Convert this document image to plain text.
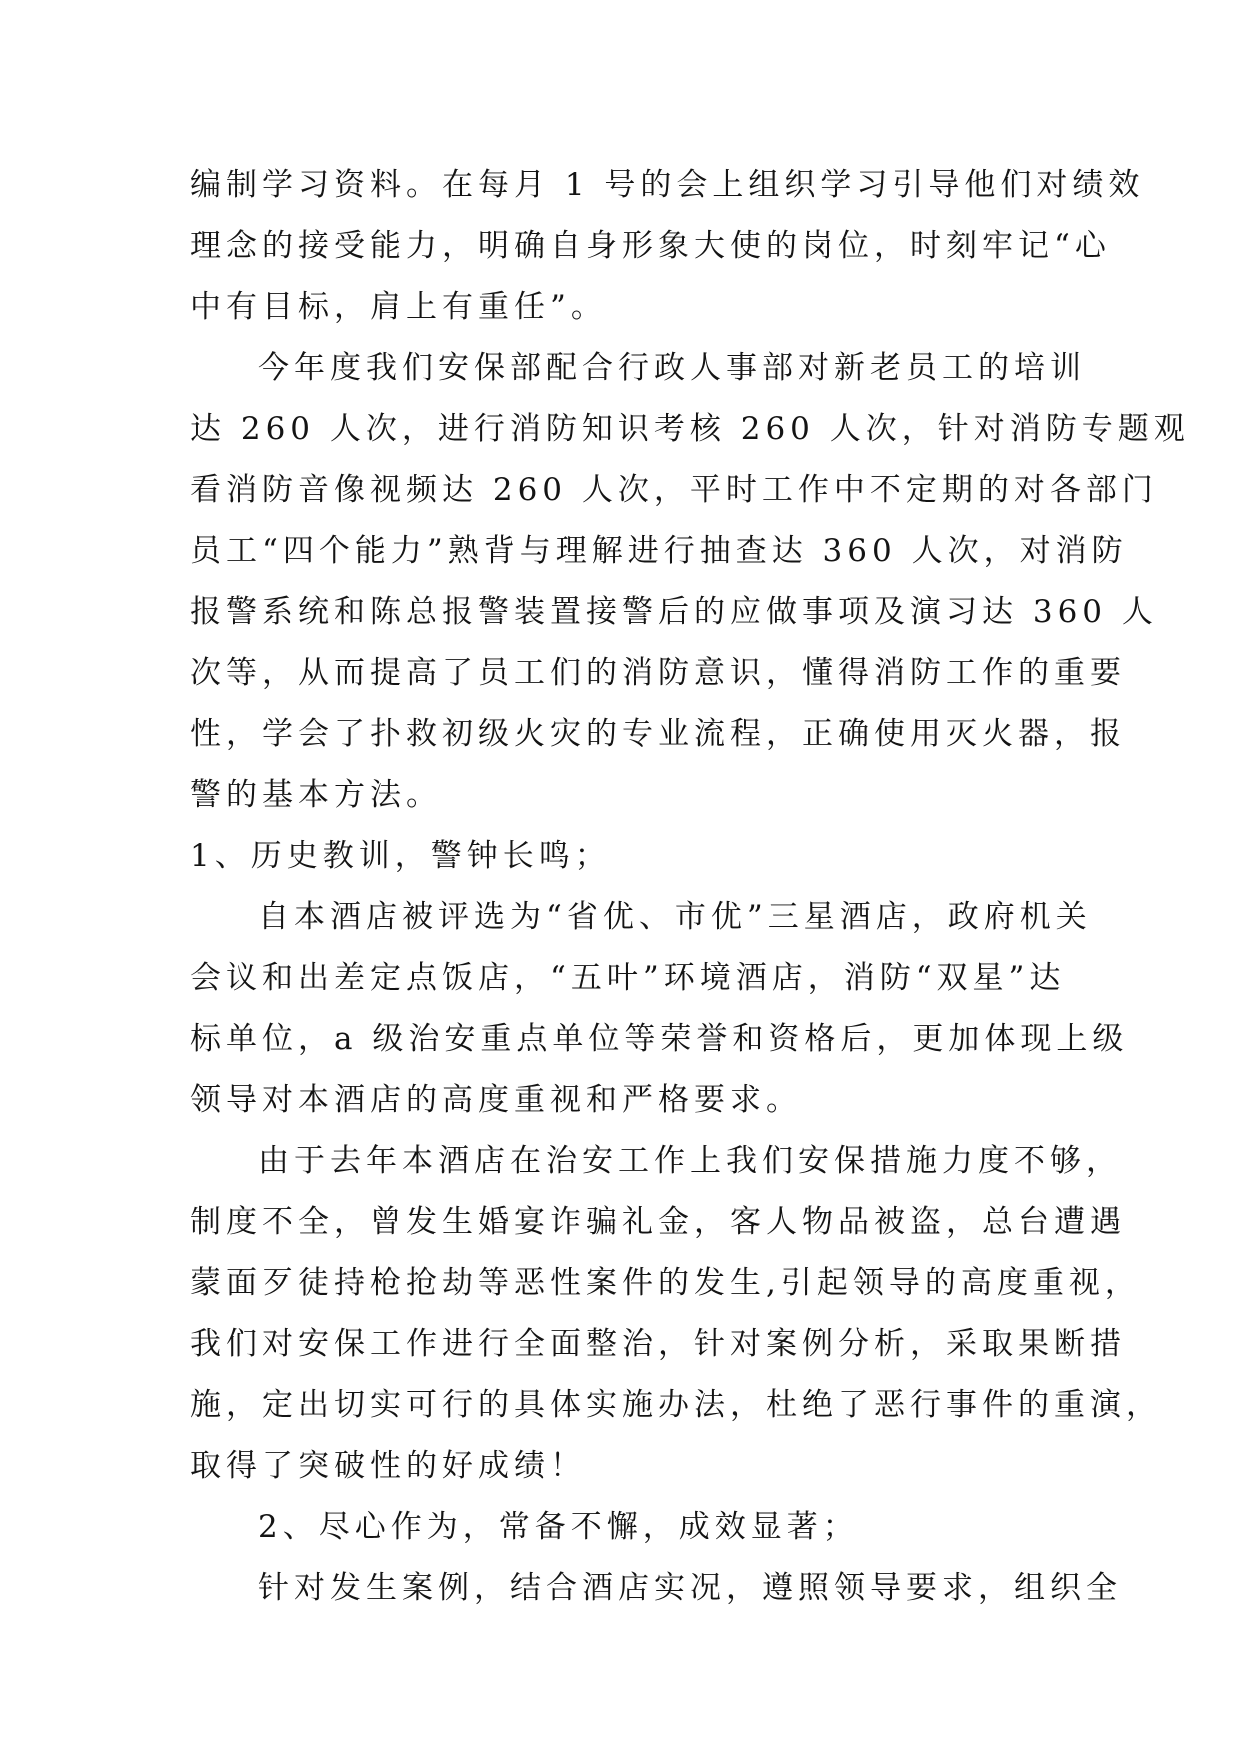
编制学习资料。在每月 1 号的会上组织学习引导他们对绩效
理念的接受能力，明确自身形象大使的岗位，时刻牢记“心
中有目标，肩上有重任”。
今年度我们安保部配合行政人事部对新老员工的培训
达 260 人次，进行消防知识考核 260 人次，针对消防专题观
看消防音像视频达 260 人次，平时工作中不定期的对各部门
员工“四个能力”熟背与理解进行抽查达 360 人次，对消防
报警系统和陈总报警装置接警后的应做事项及演习达 360 人
次等，从而提高了员工们的消防意识，懂得消防工作的重要
性，学会了扑救初级火灾的专业流程，正确使用灭火器，报
警的基本方法。
1、历史教训，警钟长鸣；
自本酒店被评选为“省优、市优”三星酒店，政府机关
会议和出差定点饭店，“五叶”环境酒店，消防“双星”达
标单位，a 级治安重点单位等荣誉和资格后，更加体现上级
领导对本酒店的高度重视和严格要求。
由于去年本酒店在治安工作上我们安保措施力度不够，
制度不全，曾发生婚宴诈骗礼金，客人物品被盗，总台遭遇
蒙面歹徒持枪抢劫等恶性案件的发生,引起领导的高度重视，
我们对安保工作进行全面整治，针对案例分析，采取果断措
施，定出切实可行的具体实施办法，杜绝了恶行事件的重演，
取得了突破性的好成绩！
2、尽心作为，常备不懈，成效显著；
针对发生案例，结合酒店实况，遵照领导要求，组织全
